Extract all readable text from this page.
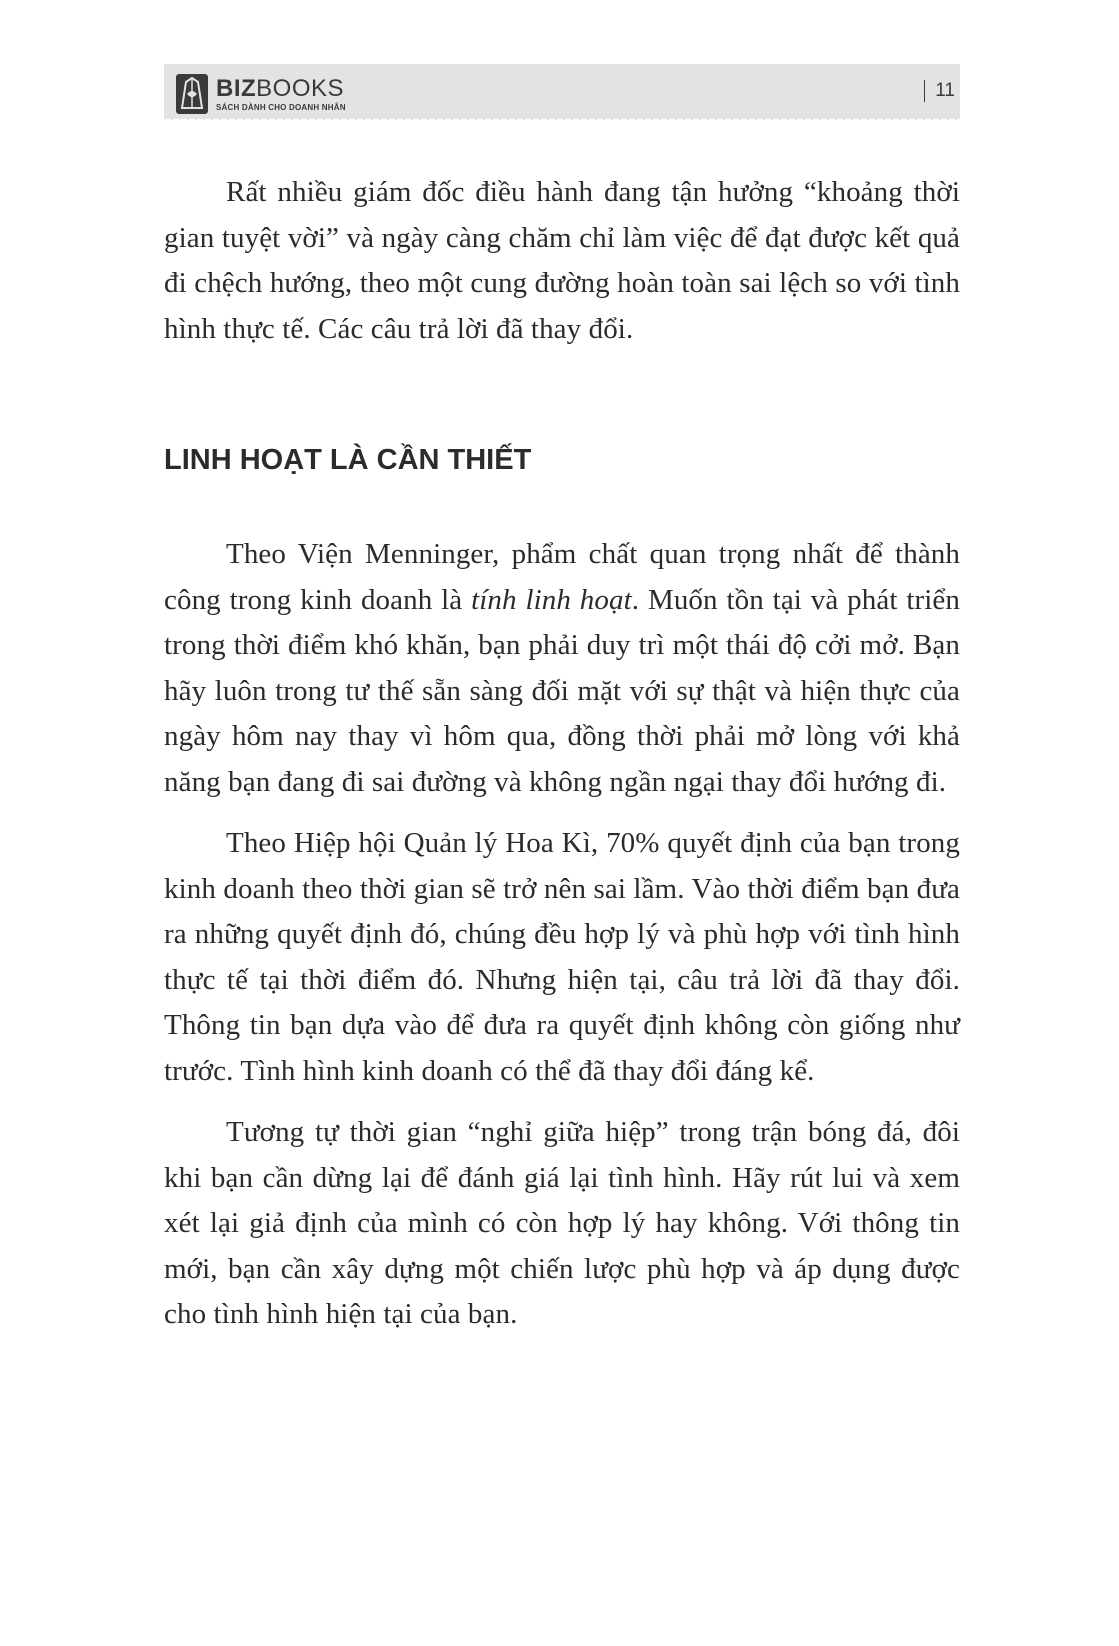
BIZBOOKS
SÁCH DÀNH CHO DOANH NHÂN
11

Rất nhiều giám đốc điều hành đang tận hưởng “khoảng thời gian tuyệt vời” và ngày càng chăm chỉ làm việc để đạt được kết quả đi chệch hướng, theo một cung đường hoàn toàn sai lệch so với tình hình thực tế. Các câu trả lời đã thay đổi.

LINH HOẠT LÀ CẦN THIẾT

Theo Viện Menninger, phẩm chất quan trọng nhất để thành công trong kinh doanh là tính linh hoạt. Muốn tồn tại và phát triển trong thời điểm khó khăn, bạn phải duy trì một thái độ cởi mở. Bạn hãy luôn trong tư thế sẵn sàng đối mặt với sự thật và hiện thực của ngày hôm nay thay vì hôm qua, đồng thời phải mở lòng với khả năng bạn đang đi sai đường và không ngần ngại thay đổi hướng đi.

Theo Hiệp hội Quản lý Hoa Kì, 70% quyết định của bạn trong kinh doanh theo thời gian sẽ trở nên sai lầm. Vào thời điểm bạn đưa ra những quyết định đó, chúng đều hợp lý và phù hợp với tình hình thực tế tại thời điểm đó. Nhưng hiện tại, câu trả lời đã thay đổi. Thông tin bạn dựa vào để đưa ra quyết định không còn giống như trước. Tình hình kinh doanh có thể đã thay đổi đáng kể.

Tương tự thời gian “nghỉ giữa hiệp” trong trận bóng đá, đôi khi bạn cần dừng lại để đánh giá lại tình hình. Hãy rút lui và xem xét lại giả định của mình có còn hợp lý hay không. Với thông tin mới, bạn cần xây dựng một chiến lược phù hợp và áp dụng được cho tình hình hiện tại của bạn.
